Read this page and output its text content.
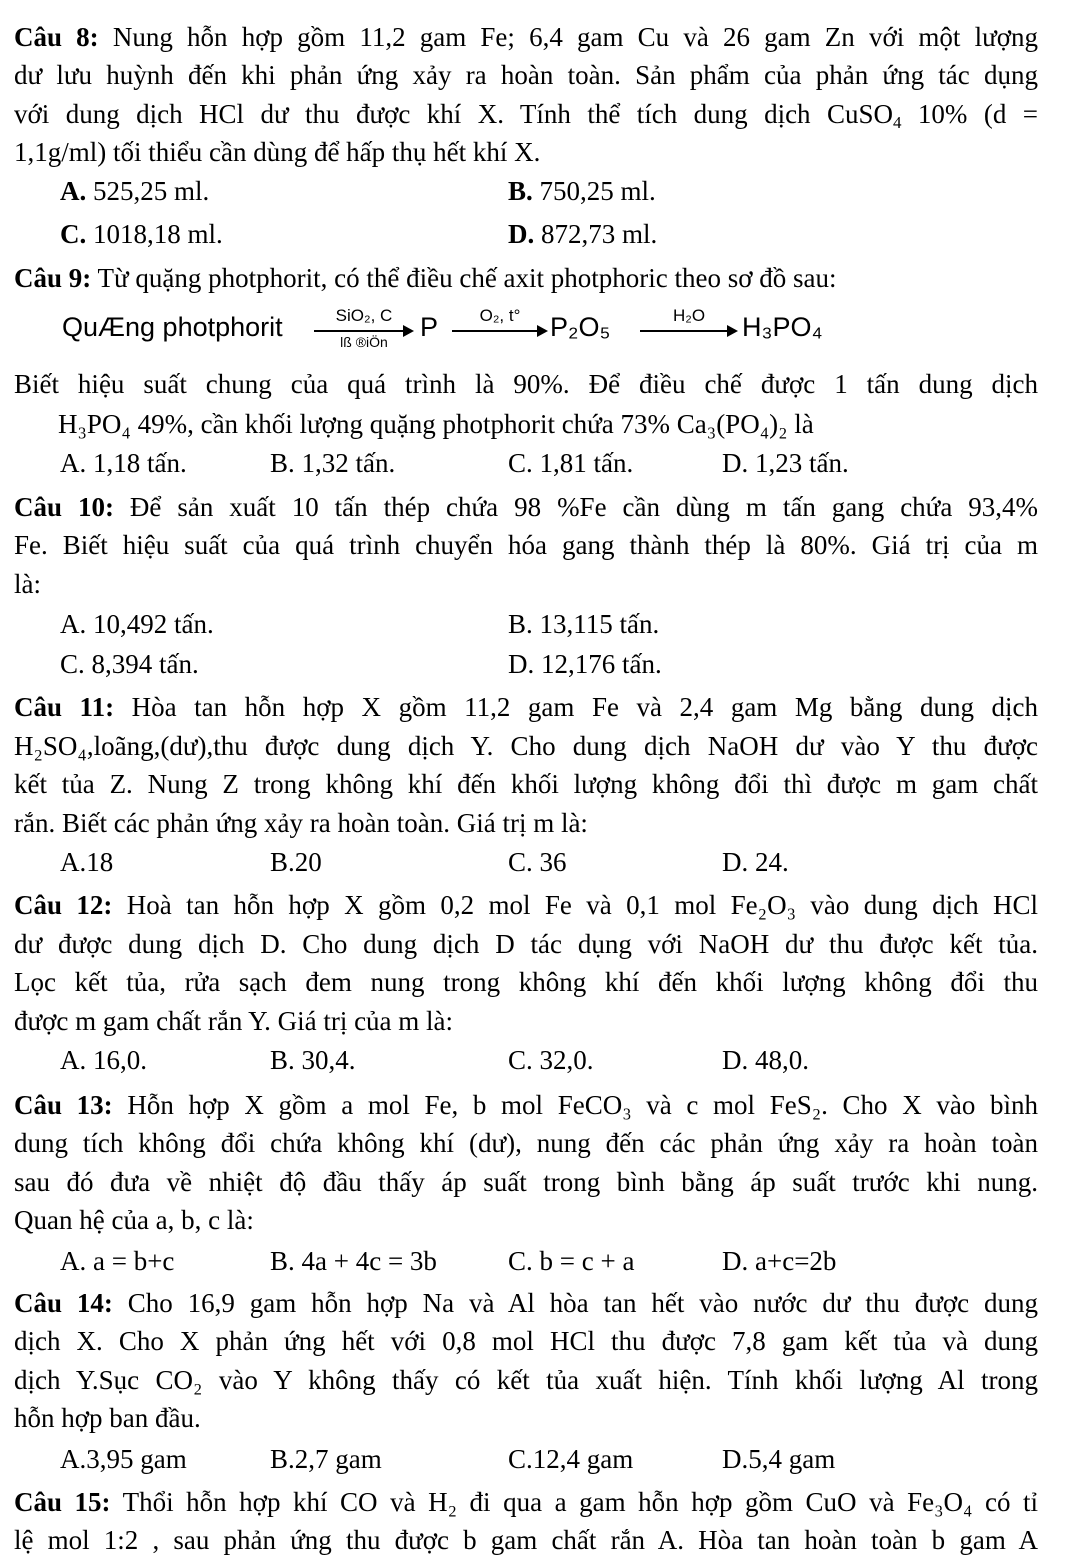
Câu 8: Nung hỗn hợp gồm 11,2 gam Fe; 6,4 gam Cu và 26 gam Zn với một lượng
dư lưu huỳnh đến khi phản ứng xảy ra hoàn toàn. Sản phẩm của phản ứng tác dụng
với dung dịch HCl dư thu được khí X. Tính thể tích dung dịch CuSO$_4$ 10% (d =
1,1g/ml) tối thiểu cần dùng để hấp thụ hết khí X.
A. 525,25 ml.	B. 750,25 ml.
C. 1018,18 ml.	D. 872,73 ml.
Câu 9: Từ quặng photphorit, có thể điều chế axit photphoric theo sơ đồ sau:
QuÆng photphorit	SiO₂, C
lß ®iÖn	P	O₂, t°	P₂O₅	H₂O	H₃PO₄
Biết hiệu suất chung của quá trình là 90%. Để điều chế được 1 tấn dung dịch
H₃PO₄ 49%, cần khối lượng quặng photphorit chứa 73% Ca₃(PO₄)₂ là
A. 1,18 tấn.	B. 1,32 tấn.	C. 1,81 tấn.	D. 1,23 tấn.
Câu 10: Để sản xuất 10 tấn thép chứa 98 %Fe cần dùng m tấn gang chứa 93,4%
Fe. Biết hiệu suất của quá trình chuyển hóa gang thành thép là 80%. Giá trị của m
là:
A. 10,492 tấn.	B. 13,115 tấn.
C. 8,394 tấn.	D. 12,176 tấn.
Câu 11: Hòa tan hỗn hợp X gồm 11,2 gam Fe và 2,4 gam Mg bằng dung dịch
H₂SO₄,loãng,(dư),thu được dung dịch Y. Cho dung dịch NaOH dư vào Y thu được
kết tủa Z. Nung Z trong không khí đến khối lượng không đổi thì được m gam chất
rắn. Biết các phản ứng xảy ra hoàn toàn. Giá trị m là:
A.18	B.20	C. 36	D. 24.
Câu 12: Hoà tan hỗn hợp X gồm 0,2 mol Fe và 0,1 mol Fe₂O₃ vào dung dịch HCl
dư được dung dịch D. Cho dung dịch D tác dụng với NaOH dư thu được kết tủa.
Lọc kết tủa, rửa sạch đem nung trong không khí đến khối lượng không đổi thu
được m gam chất rắn Y. Giá trị của m là:
A. 16,0.	B. 30,4.	C. 32,0.	D. 48,0.
Câu 13: Hỗn hợp X gồm a mol Fe, b mol FeCO₃ và c mol FeS₂. Cho X vào bình
dung tích không đổi chứa không khí (dư), nung đến các phản ứng xảy ra hoàn toàn
sau đó đưa về nhiệt độ đầu thấy áp suất trong bình bằng áp suất trước khi nung.
Quan hệ của a, b, c là:
A. a = b+c	B. 4a + 4c = 3b	C. b = c + a	D. a+c=2b
Câu 14: Cho 16,9 gam hỗn hợp Na và Al hòa tan hết vào nước dư thu được dung
dịch X. Cho X phản ứng hết với 0,8 mol HCl thu được 7,8 gam kết tủa và dung
dịch Y.Sục CO₂ vào Y không thấy có kết tủa xuất hiện. Tính khối lượng Al trong
hỗn hợp ban đầu.
A.3,95 gam	B.2,7 gam	C.12,4 gam	D.5,4 gam
Câu 15: Thổi hỗn hợp khí CO và H₂ đi qua a gam hỗn hợp gồm CuO và Fe₃O₄ có tỉ
lệ mol 1:2 , sau phản ứng thu được b gam chất rắn A. Hòa tan hoàn toàn b gam A
